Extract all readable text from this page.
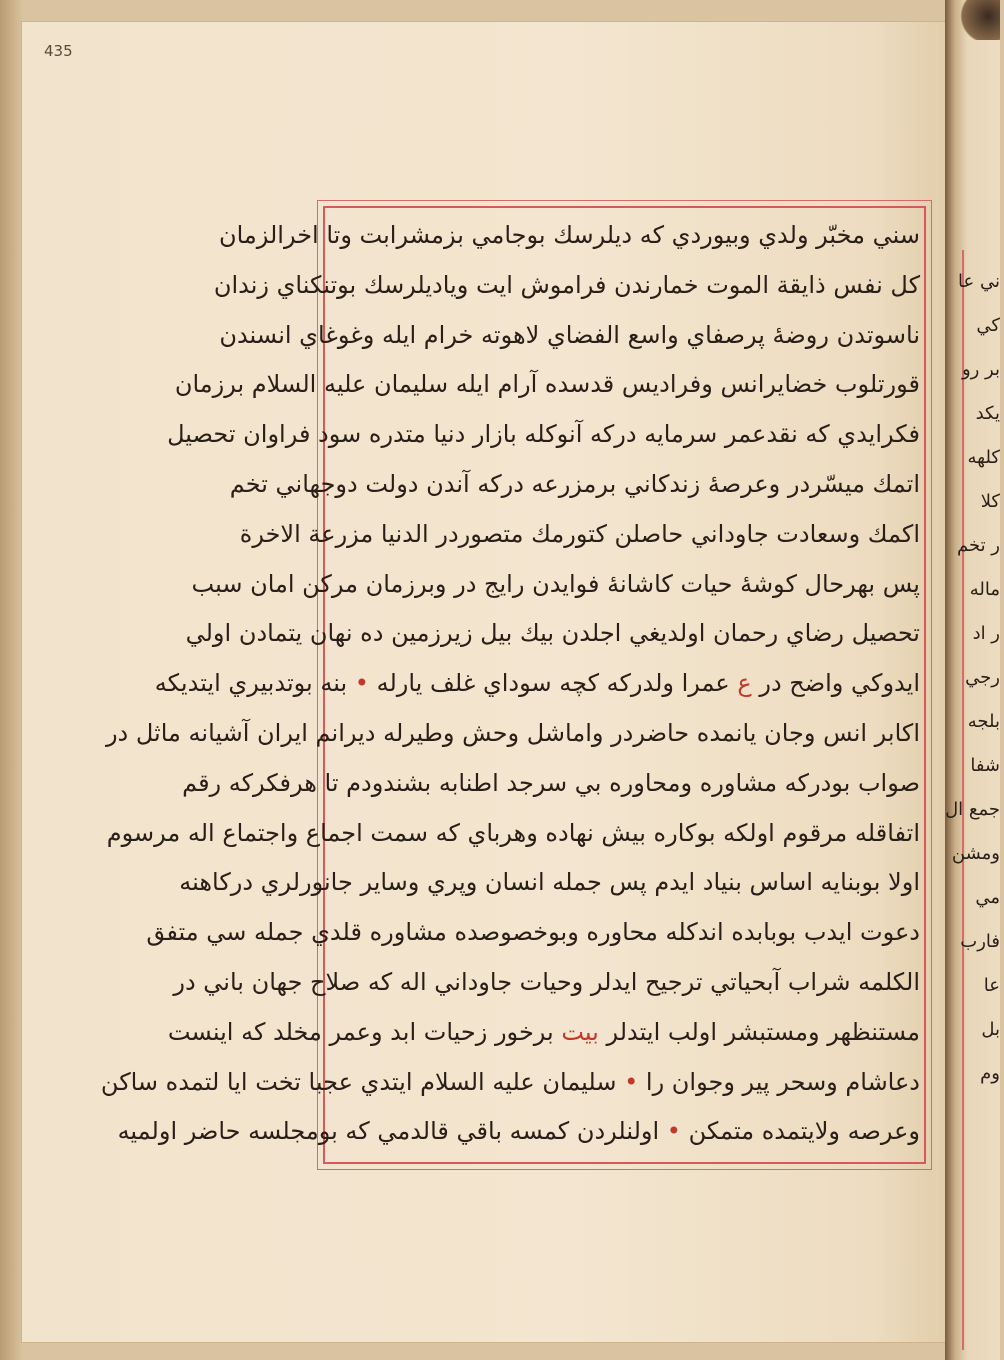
435
سني مخبّر ولدي وبيوردي كه ديلرسك بوجامي بزمشرابت وتا اخرالزمان
كل نفس ذايقة الموت خمارندن فراموش ايت وياديلرسك بوتنكناي زندان
ناسوتدن روضهٔ پرصفاي واسع الفضاي لاهوته خرام ايله وغوغاي انسندن
قورتلوب خضايرانس وفراديس قدسده آرام ايله سليمان عليه السلام برزمان
فكرايدي كه نقدعمر سرمايه دركه آنوكله بازار دنيا متدره سود فراوان تحصيل
اتمك ميسّردر وعرصهٔ زندكاني برمزرعه دركه آندن دولت دوجهاني تخم
اكمك وسعادت جاوداني حاصلن كتورمك متصوردر الدنيا مزرعة الاخرة
پس بهرحال كوشهٔ حيات كاشانهٔ فوايدن رايج در وبرزمان مركن امان سبب
تحصيل رضاي رحمان اولديغي اجلدن بيك بيل زيرزمين ده نهان يتمادن اولي
ايدوكي واضح در ع عمرا ولدركه كچه سوداي غلف يارله • بنه بوتدبيري ايتديكه
اكابر انس وجان يانمده حاضردر واماشل وحش وطيرله ديرانم ايران آشيانه ماثل در
صواب بودركه مشاوره ومحاوره بي سرجد اطنابه بشندودم تا هرفكركه رقم
اتفاقله مرقوم اولكه بوكاره بيش نهاده وهرباي كه سمت اجماع واجتماع اله مرسوم
اولا بوبنايه اساس بنياد ايدم پس جمله انسان وپري وساير جانورلري دركاهنه
دعوت ايدب بوبابده اندكله محاوره وبوخصوصده مشاوره قلدي جمله سي متفق
الكلمه شراب آبحياتي ترجيح ايدلر وحيات جاوداني اله كه صلاح جهان باني در
مستنظهر ومستبشر اولب ايتدلر بيت برخور زحيات ابد وعمر مخلد كه اينست
دعاشام وسحر پير وجوان را • سليمان عليه السلام ايتدي عجبا تخت ايا لتمده ساكن
وعرصه ولايتمده متمكن • اولنلردن كمسه باقي قالدمي كه بومجلسه حاضر اولميه
ني عا
كي
بر رو
يكد
كلهه
كلا
ر تخم
ماله
ر اد
رجي
بلجه
شفا
جمع ال
ومشن
مي
فارب
عا
بل
وم
